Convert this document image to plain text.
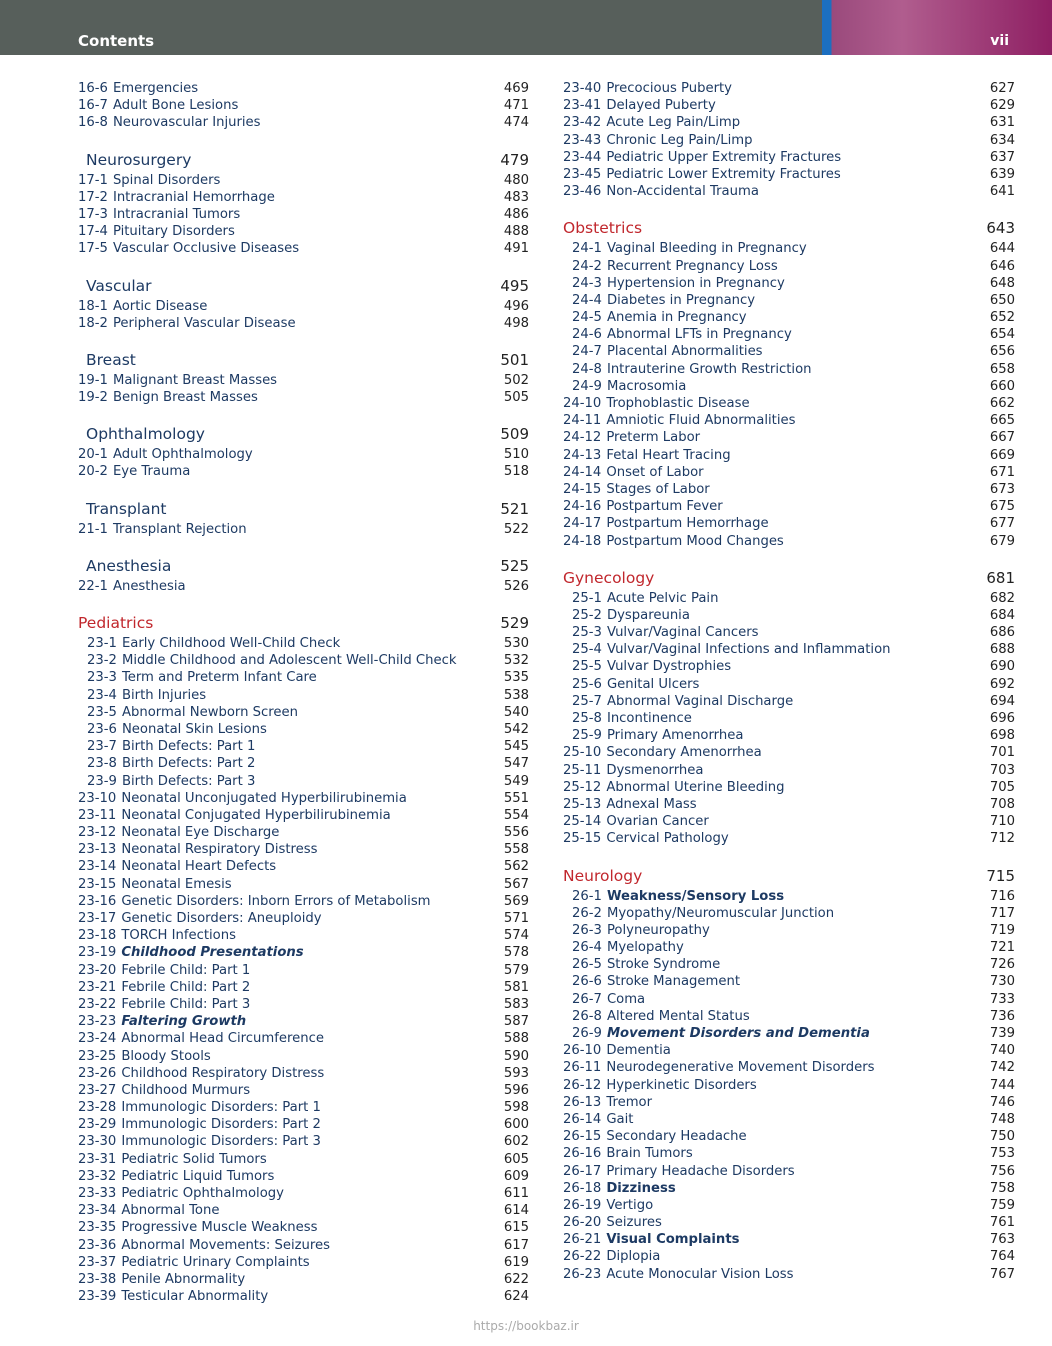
Contents	vii
16-6 Emergencies	469
16-7 Adult Bone Lesions	471
16-8 Neurovascular Injuries	474
Neurosurgery	479
17-1 Spinal Disorders	480
17-2 Intracranial Hemorrhage	483
17-3 Intracranial Tumors	486
17-4 Pituitary Disorders	488
17-5 Vascular Occlusive Diseases	491
Vascular	495
18-1 Aortic Disease	496
18-2 Peripheral Vascular Disease	498
Breast	501
19-1 Malignant Breast Masses	502
19-2 Benign Breast Masses	505
Ophthalmology	509
20-1 Adult Ophthalmology	510
20-2 Eye Trauma	518
Transplant	521
21-1 Transplant Rejection	522
Anesthesia	525
22-1 Anesthesia	526
Pediatrics	529
23-1 Early Childhood Well-Child Check	530
23-2 Middle Childhood and Adolescent Well-Child Check	532
23-3 Term and Preterm Infant Care	535
23-4 Birth Injuries	538
23-5 Abnormal Newborn Screen	540
23-6 Neonatal Skin Lesions	542
23-7 Birth Defects: Part 1	545
23-8 Birth Defects: Part 2	547
23-9 Birth Defects: Part 3	549
23-10 Neonatal Unconjugated Hyperbilirubinemia	551
23-11 Neonatal Conjugated Hyperbilirubinemia	554
23-12 Neonatal Eye Discharge	556
23-13 Neonatal Respiratory Distress	558
23-14 Neonatal Heart Defects	562
23-15 Neonatal Emesis	567
23-16 Genetic Disorders: Inborn Errors of Metabolism	569
23-17 Genetic Disorders: Aneuploidy	571
23-18 TORCH Infections	574
23-19 Childhood Presentations	578
23-20 Febrile Child: Part 1	579
23-21 Febrile Child: Part 2	581
23-22 Febrile Child: Part 3	583
23-23 Faltering Growth	587
23-24 Abnormal Head Circumference	588
23-25 Bloody Stools	590
23-26 Childhood Respiratory Distress	593
23-27 Childhood Murmurs	596
23-28 Immunologic Disorders: Part 1	598
23-29 Immunologic Disorders: Part 2	600
23-30 Immunologic Disorders: Part 3	602
23-31 Pediatric Solid Tumors	605
23-32 Pediatric Liquid Tumors	609
23-33 Pediatric Ophthalmology	611
23-34 Abnormal Tone	614
23-35 Progressive Muscle Weakness	615
23-36 Abnormal Movements: Seizures	617
23-37 Pediatric Urinary Complaints	619
23-38 Penile Abnormality	622
23-39 Testicular Abnormality	624
23-40 Precocious Puberty	627
23-41 Delayed Puberty	629
23-42 Acute Leg Pain/Limp	631
23-43 Chronic Leg Pain/Limp	634
23-44 Pediatric Upper Extremity Fractures	637
23-45 Pediatric Lower Extremity Fractures	639
23-46 Non-Accidental Trauma	641
Obstetrics	643
24-1 Vaginal Bleeding in Pregnancy	644
24-2 Recurrent Pregnancy Loss	646
24-3 Hypertension in Pregnancy	648
24-4 Diabetes in Pregnancy	650
24-5 Anemia in Pregnancy	652
24-6 Abnormal LFTs in Pregnancy	654
24-7 Placental Abnormalities	656
24-8 Intrauterine Growth Restriction	658
24-9 Macrosomia	660
24-10 Trophoblastic Disease	662
24-11 Amniotic Fluid Abnormalities	665
24-12 Preterm Labor	667
24-13 Fetal Heart Tracing	669
24-14 Onset of Labor	671
24-15 Stages of Labor	673
24-16 Postpartum Fever	675
24-17 Postpartum Hemorrhage	677
24-18 Postpartum Mood Changes	679
Gynecology	681
25-1 Acute Pelvic Pain	682
25-2 Dyspareunia	684
25-3 Vulvar/Vaginal Cancers	686
25-4 Vulvar/Vaginal Infections and Inflammation	688
25-5 Vulvar Dystrophies	690
25-6 Genital Ulcers	692
25-7 Abnormal Vaginal Discharge	694
25-8 Incontinence	696
25-9 Primary Amenorrhea	698
25-10 Secondary Amenorrhea	701
25-11 Dysmenorrhea	703
25-12 Abnormal Uterine Bleeding	705
25-13 Adnexal Mass	708
25-14 Ovarian Cancer	710
25-15 Cervical Pathology	712
Neurology	715
26-1 Weakness/Sensory Loss	716
26-2 Myopathy/Neuromuscular Junction	717
26-3 Polyneuropathy	719
26-4 Myelopathy	721
26-5 Stroke Syndrome	726
26-6 Stroke Management	730
26-7 Coma	733
26-8 Altered Mental Status	736
26-9 Movement Disorders and Dementia	739
26-10 Dementia	740
26-11 Neurodegenerative Movement Disorders	742
26-12 Hyperkinetic Disorders	744
26-13 Tremor	746
26-14 Gait	748
26-15 Secondary Headache	750
26-16 Brain Tumors	753
26-17 Primary Headache Disorders	756
26-18 Dizziness	758
26-19 Vertigo	759
26-20 Seizures	761
26-21 Visual Complaints	763
26-22 Diplopia	764
26-23 Acute Monocular Vision Loss	767
https://bookbaz.ir
